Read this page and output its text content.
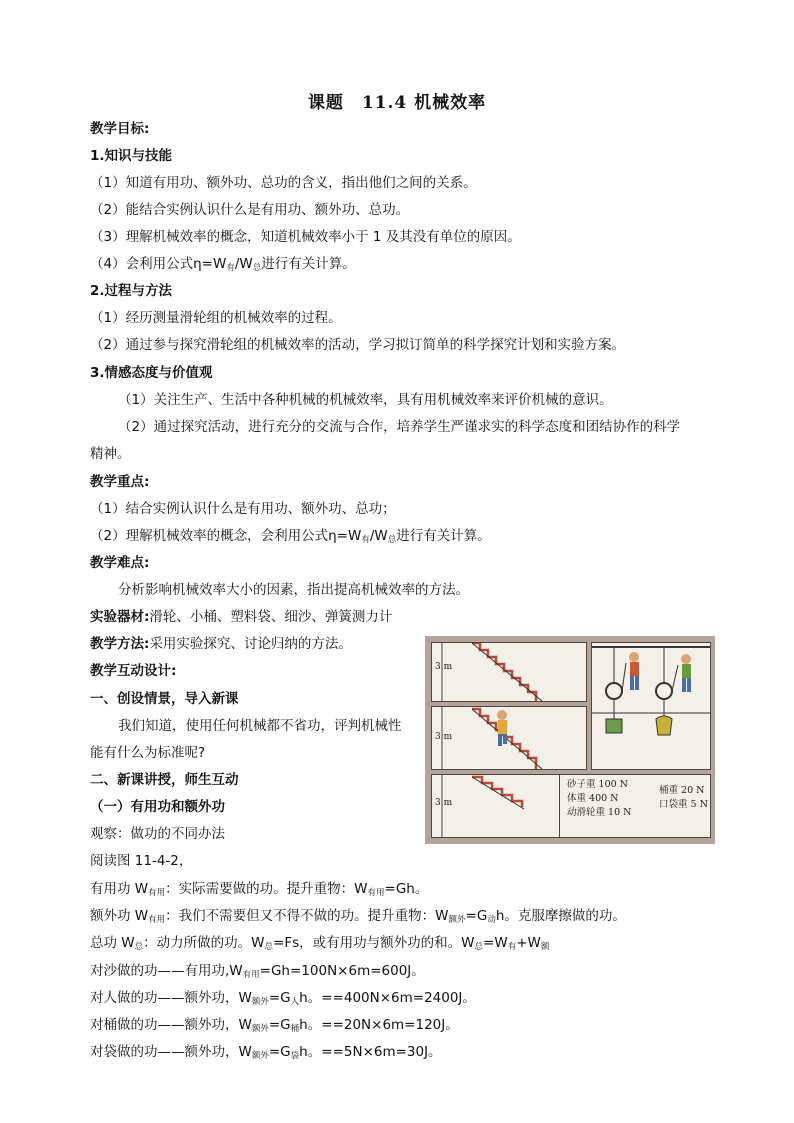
课题　11.4 机械效率
教学目标:
1.知识与技能
（1）知道有用功、额外功、总功的含义，指出他们之间的关系。
（2）能结合实例认识什么是有用功、额外功、总功。
（3）理解机械效率的概念，知道机械效率小于 1 及其没有单位的原因。
（4）会利用公式$\eta=W_有/W_总$进行有关计算。
2.过程与方法
（1）经历测量滑轮组的机械效率的过程。
（2）通过参与探究滑轮组的机械效率的活动，学习拟订简单的科学探究计划和实验方案。
3.情感态度与价值观
（1）关注生产、生活中各种机械的机械效率，具有用机械效率来评价机械的意识。
（2）通过探究活动，进行充分的交流与合作，培养学生严谨求实的科学态度和团结协作的科学
精神。
教学重点:
（1）结合实例认识什么是有用功、额外功、总功；
（2）理解机械效率的概念，会利用公式$\eta=W_有/W_总$进行有关计算。
教学难点:
分析影响机械效率大小的因素，指出提高机械效率的方法。
实验器材:滑轮、小桶、塑料袋、细沙、弹簧测力计
教学方法:采用实验探究、讨论归纳的方法。
教学互动设计:
一、创设情景，导入新课
我们知道，使用任何机械都不省功，评判机械性
能有什么为标准呢?
二、新课讲授，师生互动
（一）有用功和额外功
观察：做功的不同办法
阅读图 11-4-2，
有用功 $W_{有用}$：实际需要做的功。提升重物：$W_{有用}=Gh$。
额外功 $W_{有用}$：我们不需要但又不得不做的功。提升重物：$W_{额外}=G_动h$。克服摩擦做的功。
总功 $W_总$：动力所做的功。$W_总=Fs$，或有用功与额外功的和。$W_总=W_有+W_额$
对沙做的功——有用功$,W_{有用}=Gh=100N\times 6m=600J$。
对人做的功——额外功，$W_{额外}=G_人h$。==400N×6m=2400J。
对桶做的功——额外功，$W_{额外}=G_桶h$。==20N×6m=120J。
对袋做的功——额外功，$W_{额外}=G_袋h$。==5N×6m=30J。
3 m
3 m
3 m
砂子重 100 N
体重 400 N
动滑轮重 10 N
桶重 20 N
口袋重 5 N
